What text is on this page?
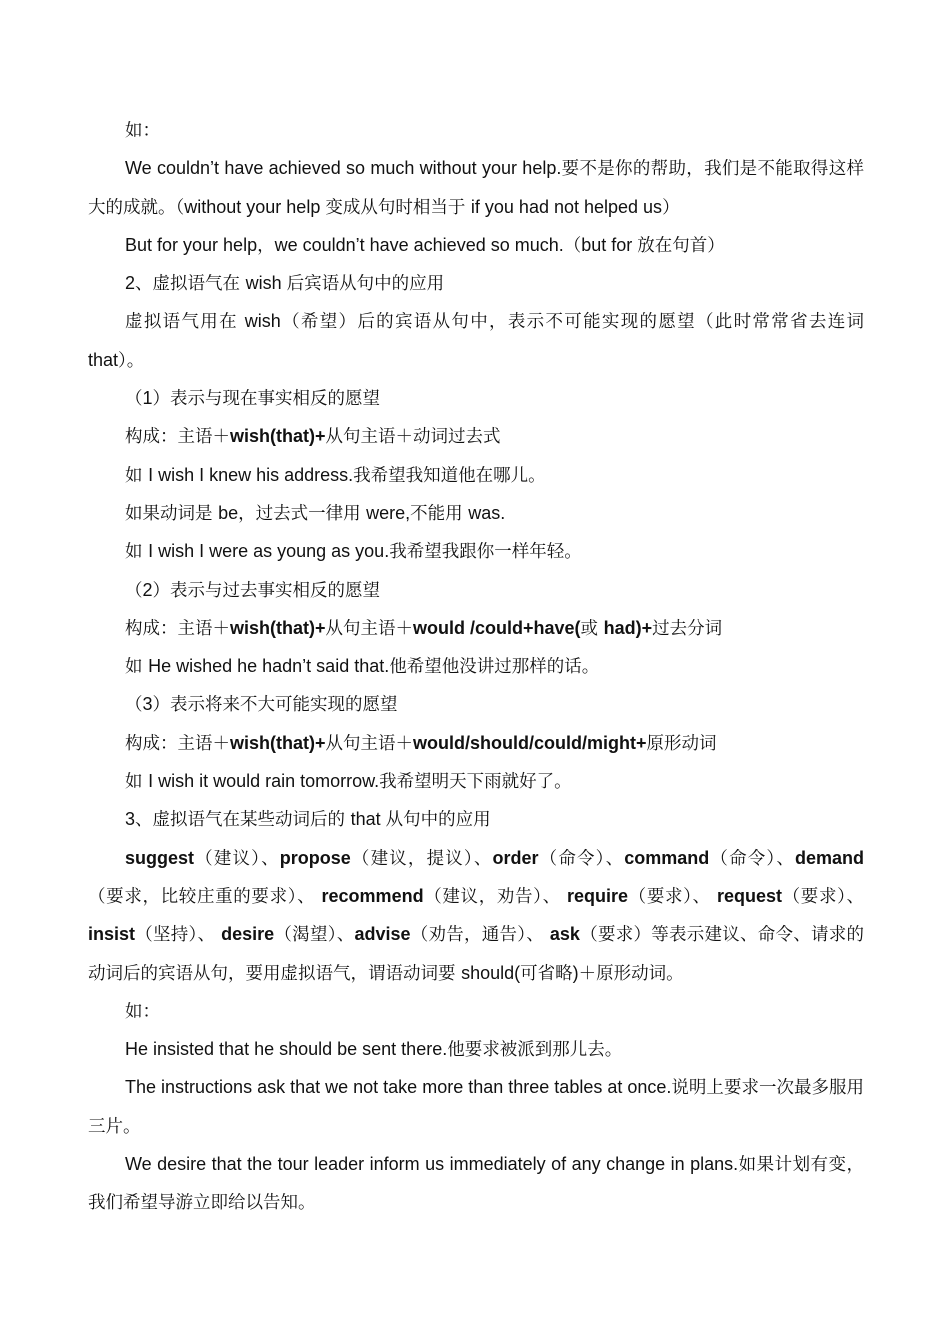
如：

We couldn’t have achieved so much without your help.要不是你的帮助，我们是不能取得这样大的成就。（without your help 变成从句时相当于 if you had not helped us）

But for your help，we couldn’t have achieved so much.（but for 放在句首）

2、虚拟语气在 wish 后宾语从句中的应用

虚拟语气用在 wish（希望）后的宾语从句中，表示不可能实现的愿望（此时常常省去连词 that）。

（1）表示与现在事实相反的愿望

构成：主语＋wish(that)+从句主语＋动词过去式

如 I wish I knew his address.我希望我知道他在哪儿。

如果动词是 be，过去式一律用 were,不能用 was.

如 I wish I were as young as you.我希望我跟你一样年轻。

（2）表示与过去事实相反的愿望

构成：主语＋wish(that)+从句主语＋would /could+have(或 had)+过去分词

如 He wished he hadn’t said that.他希望他没讲过那样的话。

（3）表示将来不大可能实现的愿望

构成：主语＋wish(that)+从句主语＋would/should/could/might+原形动词

如 I wish it would rain tomorrow.我希望明天下雨就好了。

3、虚拟语气在某些动词后的 that 从句中的应用

suggest（建议）、propose（建议，提议）、order（命令）、command（命令）、demand（要求，比较庄重的要求）、 recommend（建议，劝告）、 require（要求）、 request（要求）、 insist（坚持）、 desire（渴望）、advise（劝告，通告）、 ask（要求）等表示建议、命令、请求的动词后的宾语从句，要用虚拟语气，谓语动词要 should(可省略)＋原形动词。

如：

He insisted that he should be sent there.他要求被派到那儿去。

The instructions ask that we not take more than three tables at once.说明上要求一次最多服用三片。

We desire that the tour leader inform us immediately of any change in plans.如果计划有变，我们希望导游立即给以告知。
